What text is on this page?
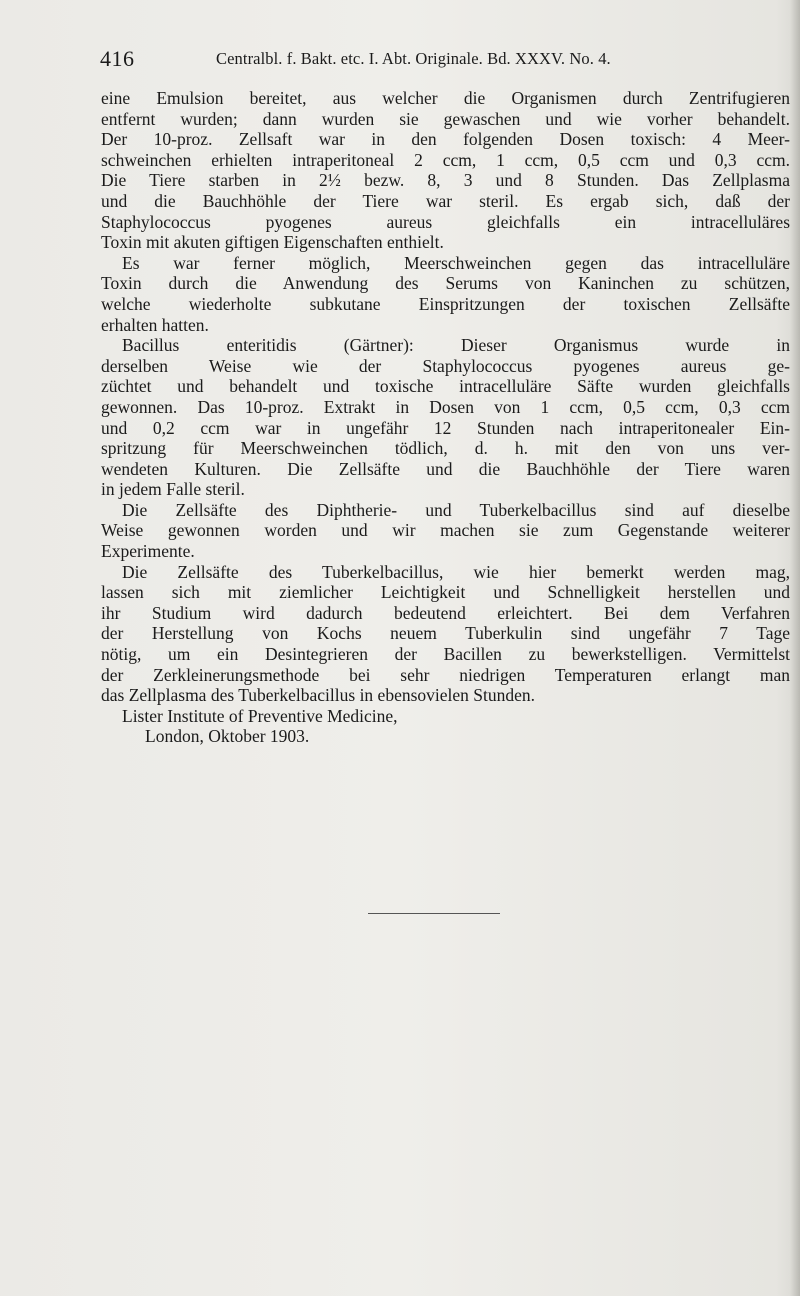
416	Centralbl. f. Bakt. etc. I. Abt. Originale. Bd. XXXV. No. 4.
eine Emulsion bereitet, aus welcher die Organismen durch Zentrifugieren
entfernt wurden; dann wurden sie gewaschen und wie vorher behandelt.
Der 10-proz. Zellsaft war in den folgenden Dosen toxisch: 4 Meer-
schweinchen erhielten intraperitoneal 2 ccm, 1 ccm, 0,5 ccm und 0,3 ccm.
Die Tiere starben in 2½ bezw. 8, 3 und 8 Stunden. Das Zellplasma
und die Bauchhöhle der Tiere war steril. Es ergab sich, daß der
Staphylococcus pyogenes aureus gleichfalls ein intracelluläres
Toxin mit akuten giftigen Eigenschaften enthielt.
Es war ferner möglich, Meerschweinchen gegen das intracelluläre
Toxin durch die Anwendung des Serums von Kaninchen zu schützen,
welche wiederholte subkutane Einspritzungen der toxischen Zellsäfte
erhalten hatten.
Bacillus enteritidis (Gärtner): Dieser Organismus wurde in
derselben Weise wie der Staphylococcus pyogenes aureus ge-
züchtet und behandelt und toxische intracelluläre Säfte wurden gleichfalls
gewonnen. Das 10-proz. Extrakt in Dosen von 1 ccm, 0,5 ccm, 0,3 ccm
und 0,2 ccm war in ungefähr 12 Stunden nach intraperitonealer Ein-
spritzung für Meerschweinchen tödlich, d. h. mit den von uns ver-
wendeten Kulturen. Die Zellsäfte und die Bauchhöhle der Tiere waren
in jedem Falle steril.
Die Zellsäfte des Diphtherie- und Tuberkelbacillus sind auf dieselbe
Weise gewonnen worden und wir machen sie zum Gegenstande weiterer
Experimente.
Die Zellsäfte des Tuberkelbacillus, wie hier bemerkt werden mag,
lassen sich mit ziemlicher Leichtigkeit und Schnelligkeit herstellen und
ihr Studium wird dadurch bedeutend erleichtert. Bei dem Verfahren
der Herstellung von Kochs neuem Tuberkulin sind ungefähr 7 Tage
nötig, um ein Desintegrieren der Bacillen zu bewerkstelligen. Vermittelst
der Zerkleinerungsmethode bei sehr niedrigen Temperaturen erlangt man
das Zellplasma des Tuberkelbacillus in ebensovielen Stunden.
Lister Institute of Preventive Medicine,
London, Oktober 1903.
